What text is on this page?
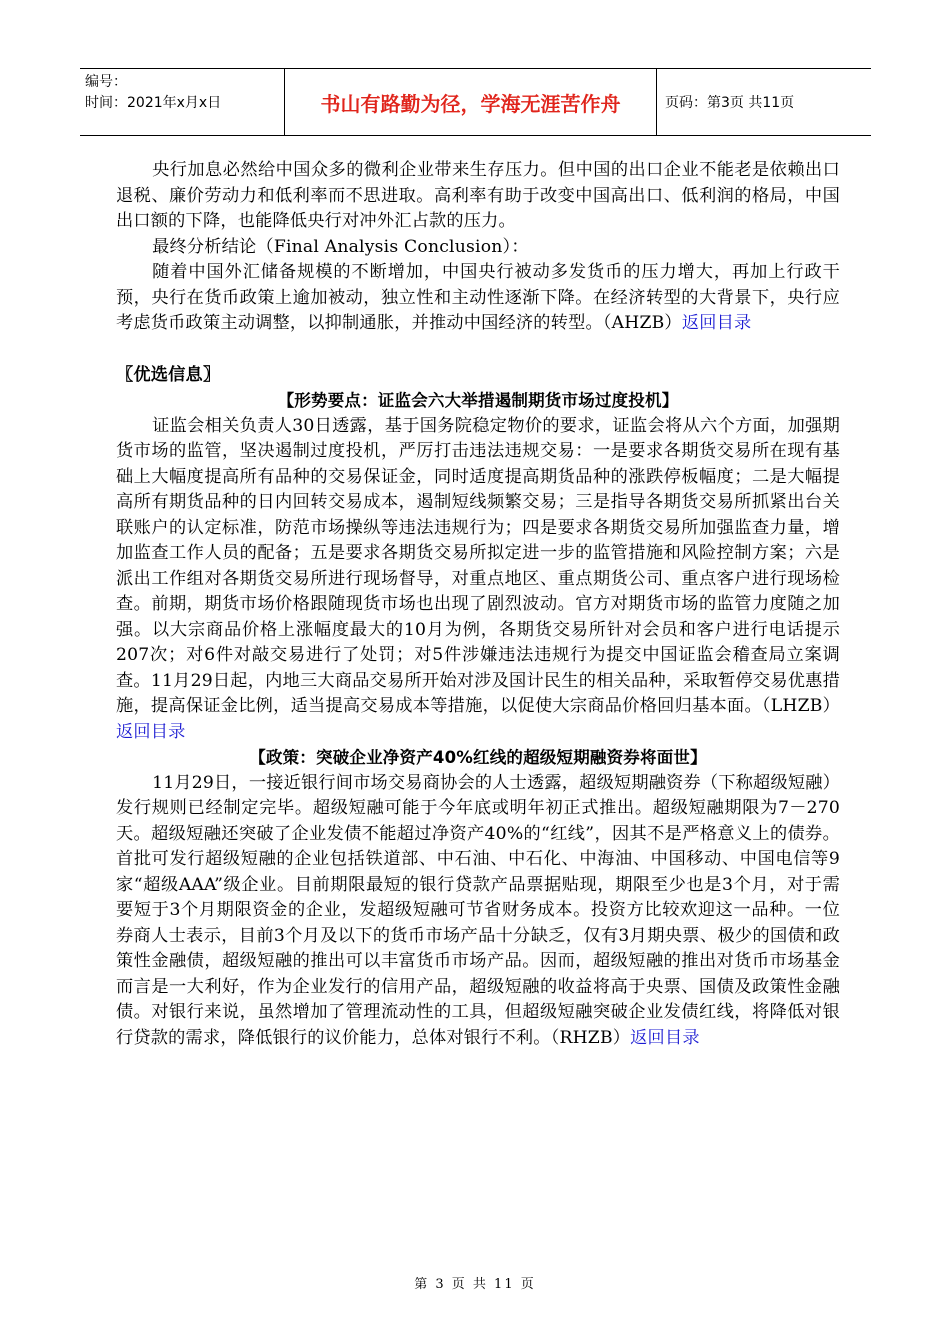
编号：
时间：2021年x月x日	书山有路勤为径，学海无涯苦作舟	页码：第3页 共11页

央行加息必然给中国众多的微利企业带来生存压力。但中国的出口企业不能老是依赖出口退税、廉价劳动力和低利率而不思进取。高利率有助于改变中国高出口、低利润的格局，中国出口额的下降，也能降低央行对冲外汇占款的压力。

最终分析结论（Final Analysis Conclusion）：

随着中国外汇储备规模的不断增加，中国央行被动多发货币的压力增大，再加上行政干预，央行在货币政策上逾加被动，独立性和主动性逐渐下降。在经济转型的大背景下，央行应考虑货币政策主动调整，以抑制通胀，并推动中国经济的转型。（AHZB）返回目录

〖优选信息〗

【形势要点：证监会六大举措遏制期货市场过度投机】

证监会相关负责人30日透露，基于国务院稳定物价的要求，证监会将从六个方面，加强期货市场的监管，坚决遏制过度投机，严厉打击违法违规交易：一是要求各期货交易所在现有基础上大幅度提高所有品种的交易保证金，同时适度提高期货品种的涨跌停板幅度；二是大幅提高所有期货品种的日内回转交易成本，遏制短线频繁交易；三是指导各期货交易所抓紧出台关联账户的认定标准，防范市场操纵等违法违规行为；四是要求各期货交易所加强监查力量，增加监查工作人员的配备；五是要求各期货交易所拟定进一步的监管措施和风险控制方案；六是派出工作组对各期货交易所进行现场督导，对重点地区、重点期货公司、重点客户进行现场检查。前期，期货市场价格跟随现货市场也出现了剧烈波动。官方对期货市场的监管力度随之加强。以大宗商品价格上涨幅度最大的10月为例，各期货交易所针对会员和客户进行电话提示207次；对6件对敲交易进行了处罚；对5件涉嫌违法违规行为提交中国证监会稽查局立案调查。11月29日起，内地三大商品交易所开始对涉及国计民生的相关品种，采取暂停交易优惠措施，提高保证金比例，适当提高交易成本等措施，以促使大宗商品价格回归基本面。（LHZB）返回目录

【政策：突破企业净资产40%红线的超级短期融资券将面世】

11月29日，一接近银行间市场交易商协会的人士透露，超级短期融资券（下称超级短融）发行规则已经制定完毕。超级短融可能于今年底或明年初正式推出。超级短融期限为7－270天。超级短融还突破了企业发债不能超过净资产40%的“红线”，因其不是严格意义上的债券。首批可发行超级短融的企业包括铁道部、中石油、中石化、中海油、中国移动、中国电信等9家“超级AAA”级企业。目前期限最短的银行贷款产品票据贴现，期限至少也是3个月，对于需要短于3个月期限资金的企业，发超级短融可节省财务成本。投资方比较欢迎这一品种。一位券商人士表示，目前3个月及以下的货币市场产品十分缺乏，仅有3月期央票、极少的国债和政策性金融债，超级短融的推出可以丰富货币市场产品。因而，超级短融的推出对货币市场基金而言是一大利好，作为企业发行的信用产品，超级短融的收益将高于央票、国债及政策性金融债。对银行来说，虽然增加了管理流动性的工具，但超级短融突破企业发债红线，将降低对银行贷款的需求，降低银行的议价能力，总体对银行不利。（RHZB）返回目录

第 3 页 共 11 页
